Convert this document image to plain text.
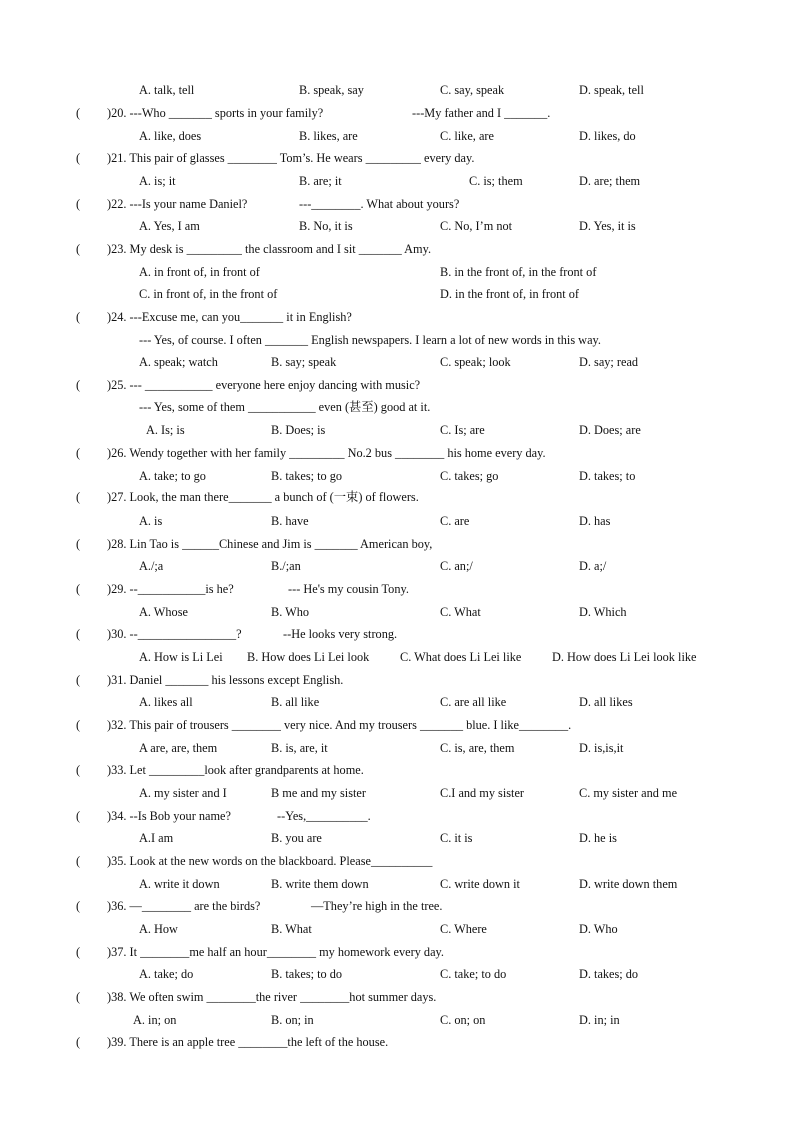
A. talk, tell	B. speak, say	C. say, speak	D. speak, tell
( )20. ---Who _______ sports in your family?	---My father and I _______.
A. like, does	B. likes, are	C. like, are	D. likes, do
( )21. This pair of glasses ________ Tom’s. He wears _________ every day.
A. is; it	B. are; it	C. is; them	D. are; them
( )22. ---Is your name Daniel?	---________. What about yours?
A. Yes, I am	B. No, it is	C. No, I’m not	D. Yes, it is
( )23. My desk is _________ the classroom and I sit _______ Amy.
A. in front of, in front of	B. in the front of, in the front of
C. in front of, in the front of	D. in the front of, in front of
( )24. ---Excuse me, can you_______ it in English?
--- Yes, of course. I often _______ English newspapers. I learn a lot of new words in this way.
A. speak; watch	B. say; speak	C. speak; look	D. say; read
( )25. --- ___________ everyone here enjoy dancing with music?
--- Yes, some of them ___________ even (甚至) good at it.
A. Is; is	B. Does; is	C. Is; are	D. Does; are
( )26. Wendy together with her family _________ No.2 bus ________ his home every day.
A. take; to go	B. takes; to go	C. takes; go	D. takes; to
( )27. Look, the man there_______ a bunch of (一束) of flowers.
A. is	B. have	C. are	D. has
( )28. Lin Tao is ______Chinese and Jim is _______ American boy,
A./;a	B./;an	C. an;/	D. a;/
( )29. --___________is he?	--- He's my cousin Tony.
A. Whose	B. Who	C. What	D. Which
( )30. --________________?	--He looks very strong.
A. How is Li Lei B. How does Li Lei look C. What does Li Lei like D. How does Li Lei look like
( )31. Daniel _______ his lessons except English.
A. likes all	B. all like	C. are all like	D. all likes
( )32. This pair of trousers ________ very nice. And my trousers _______ blue. I like________.
A are, are, them	B. is, are, it	C. is, are, them	D. is,is,it
( )33. Let _________look after grandparents at home.
A. my sister and I	B me and my sister	C.I and my sister	C. my sister and me
( )34. --Is Bob your name?	--Yes,__________.
A.I am	B. you are	C. it is	D. he is
( )35. Look at the new words on the blackboard. Please__________
A. write it down	B. write them down	C. write down it	D. write down them
( )36. —________ are the birds?	—They’re high in the tree.
A. How	B. What	C. Where	D. Who
( )37. It ________me half an hour________ my homework every day.
A. take; do	B. takes; to do	C. take; to do	D. takes; do
( )38. We often swim ________the river ________hot summer days.
A. in; on	B. on; in	C. on; on	D. in; in
( )39. There is an apple tree ________the left of the house.
